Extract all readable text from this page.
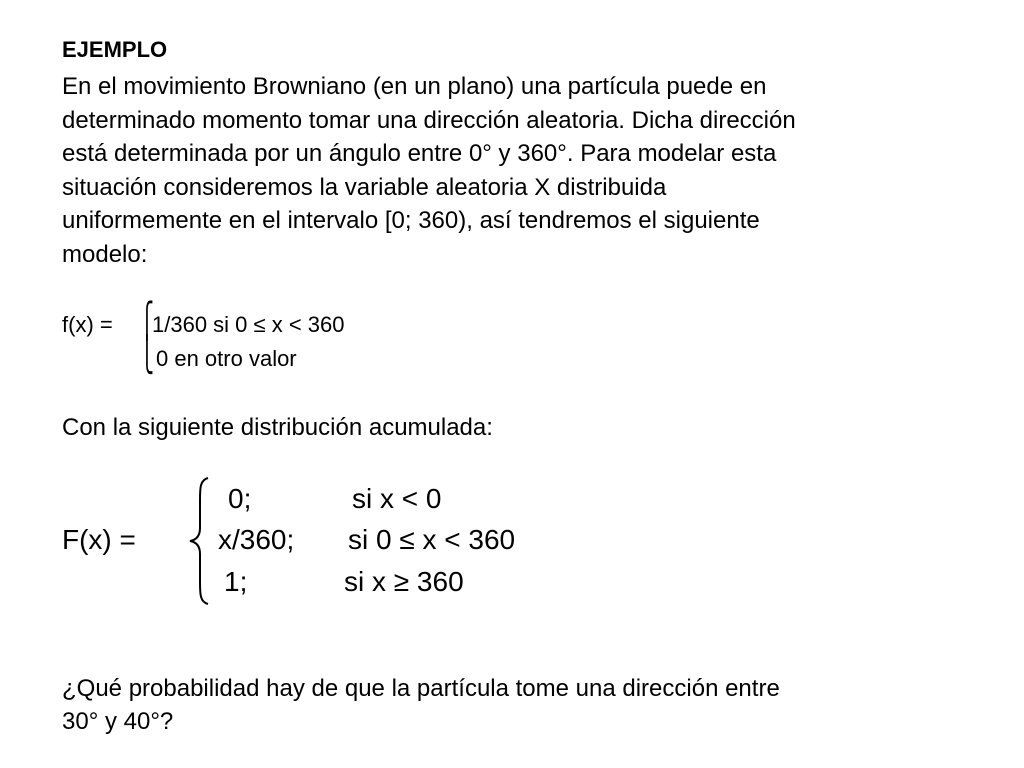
EJEMPLO
En el movimiento Browniano (en un plano) una partícula puede en
determinado momento tomar una dirección aleatoria. Dicha dirección
está determinada por un ángulo entre 0° y 360°. Para modelar esta
situación consideremos la variable aleatoria X distribuida
uniformemente en el intervalo [0; 360), así tendremos el siguiente
modelo:
f(x) = ⎧
⎩
1/360 si 0 ≤ x < 360
0 en otro valor
Con la siguiente distribución acumulada:
F(x) =
0;	si x < 0
x/360; si 0 ≤ x < 360
1;	si x ≥ 360
¿Qué probabilidad hay de que la partícula tome una dirección entre
30° y 40°?
